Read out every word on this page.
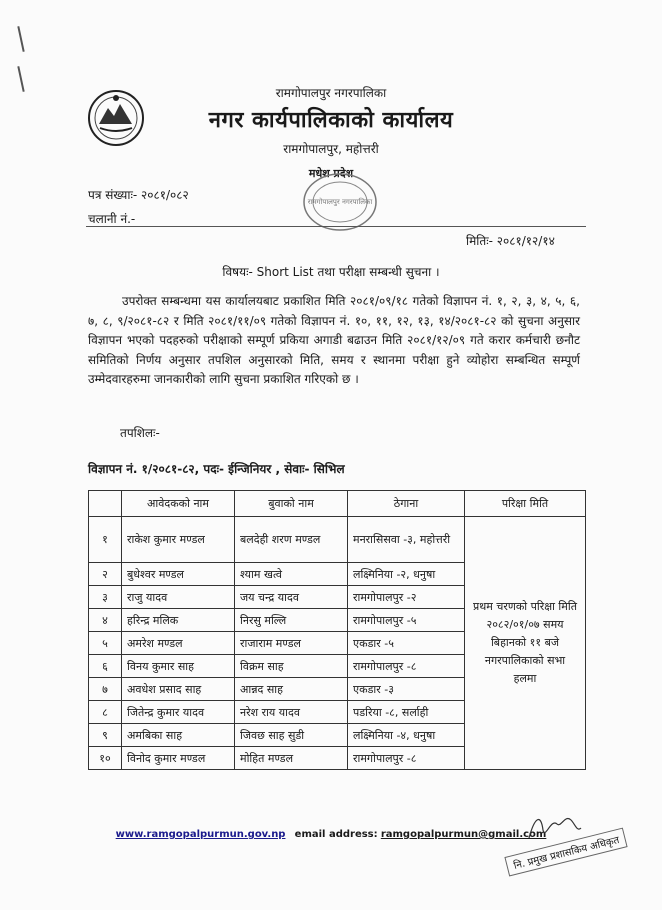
रामगोपालपुर नगरपालिका
नगर कार्यपालिकाको कार्यालय
रामगोपालपुर, महोत्तरी
मधेश प्रदेश
रामगोपालपुर नगरपालिका
पत्र संख्याः- २०८१/०८२
चलानी नं.-
मितिः- २०८१/१२/१४
विषयः- Short List तथा परीक्षा सम्बन्धी सुचना ।
उपरोक्त सम्बन्धमा यस कार्यालयबाट प्रकाशित मिति २०८१/०९/१८ गतेको विज्ञापन नं. १, २, ३, ४, ५, ६, ७, ८, ९/२०८१-८२ र मिति २०८१/११/०९ गतेको विज्ञापन नं. १०, ११, १२, १३, १४/२०८१-८२ को सुचना अनुसार विज्ञापन भएको पदहरुको परीक्षाको सम्पूर्ण प्रकिया अगाडी बढाउन मिति २०८१/१२/०९ गते करार कर्मचारी छनौट समितिको निर्णय अनुसार तपशिल अनुसारको मिति, समय र स्थानमा परीक्षा हुने व्योहोरा सम्बन्धित सम्पूर्ण उम्मेदवारहरुमा जानकारीको लागि सुचना प्रकाशित गरिएको छ ।
तपशिलः-
विज्ञापन नं. १/२०८१-८२, पदः- ईन्जिनियर , सेवाः- सिभिल
	आवेदकको नाम	बुवाको नाम	ठेगाना	परिक्षा मिति
१	राकेश कुमार मण्डल	बलदेही शरण मण्डल	मनरासिसवा -३, महोत्तरी	प्रथम चरणको परिक्षा मिति २०८२/०१/०७ समय बिहानको ११ बजे नगरपालिकाको सभा हलमा
२	बुधेश्वर मण्डल	श्याम खत्वे	लक्ष्मिनिया -२, धनुषा	
३	राजु यादव	जय चन्द्र यादव	रामगोपालपुर -२	
४	हरिन्द्र मलिक	निरसु मल्लि	रामगोपालपुर -५	
५	अमरेश मण्डल	राजाराम मण्डल	एकडार -५	
६	विनय कुमार साह	विक्रम साह	रामगोपालपुर -८	
७	अवधेश प्रसाद साह	आन्नद साह	एकडार -३	
८	जितेन्द्र कुमार यादव	नरेश राय यादव	पडरिया -८, सर्लाही	
९	अमबिका साह	जिवछ साह सुडी	लक्ष्मिनिया -४, धनुषा	
१०	विनोद कुमार मण्डल	मोहित मण्डल	रामगोपालपुर -८	
www.ramgopalpurmun.gov.np email address: ramgopalpurmun@gmail.com
नि. प्रमुख प्रशासकिय अधिकृत
